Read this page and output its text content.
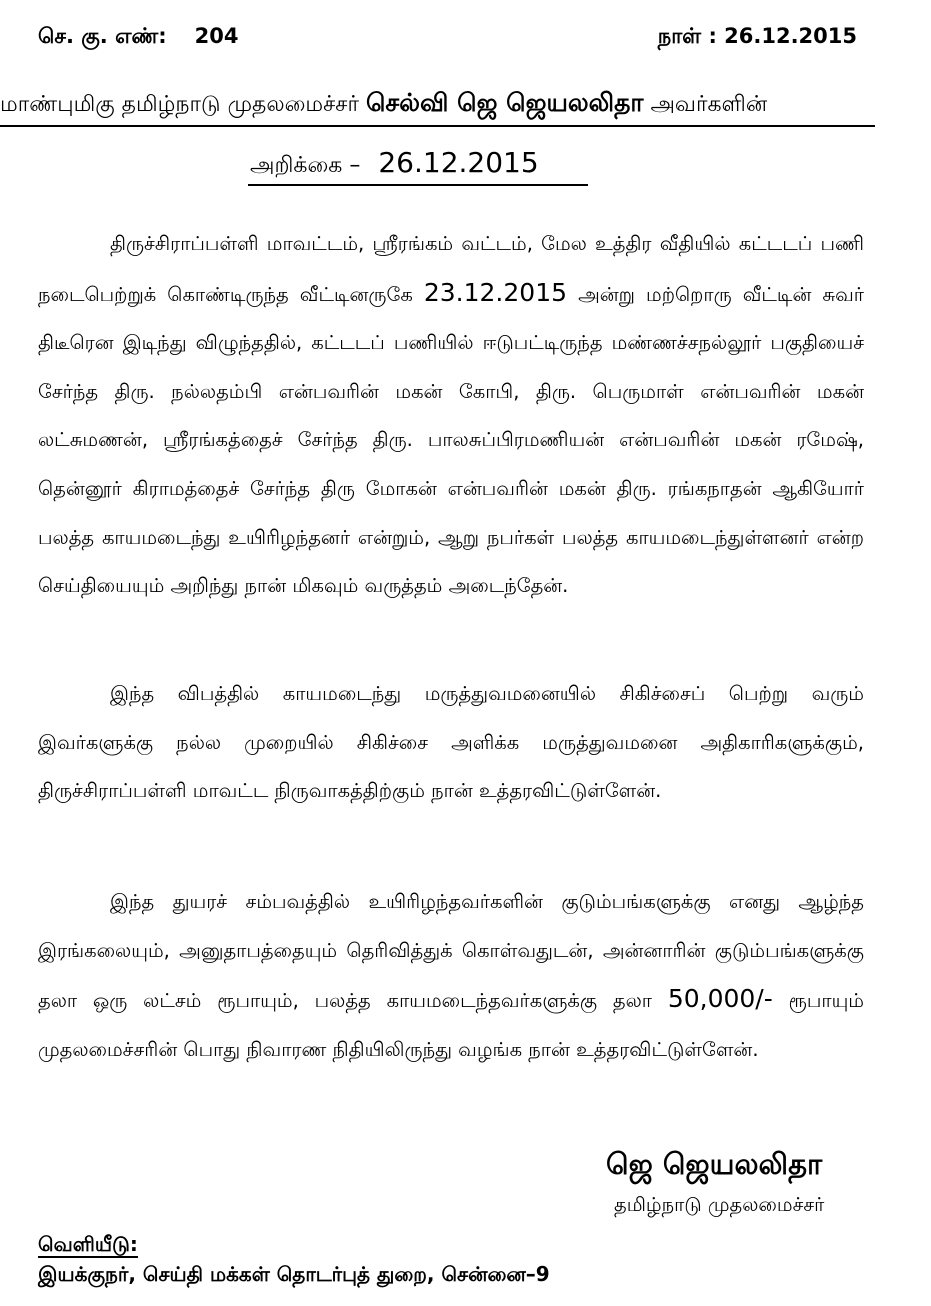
செ. கு. எண்: 204	நாள் : 26.12.2015
மாண்புமிகு தமிழ்நாடு முதலமைச்சர் செல்வி ஜெ ஜெயலலிதா அவர்களின்
அறிக்கை – 26.12.2015

திருச்சிராப்பள்ளி மாவட்டம், ஸ்ரீரங்கம் வட்டம், மேல உத்திர வீதியில் கட்டடப் பணி நடைபெற்றுக் கொண்டிருந்த வீட்டினருகே 23.12.2015 அன்று மற்றொரு வீட்டின் சுவர் திடீரென இடிந்து விழுந்ததில், கட்டடப் பணியில் ஈடுபட்டிருந்த மண்ணச்சநல்லூர் பகுதியைச் சேர்ந்த திரு. நல்லதம்பி என்பவரின் மகன் கோபி, திரு. பெருமாள் என்பவரின் மகன் லட்சுமணன், ஸ்ரீரங்கத்தைச் சேர்ந்த திரு. பாலசுப்பிரமணியன் என்பவரின் மகன் ரமேஷ், தென்னூர் கிராமத்தைச் சேர்ந்த திரு மோகன் என்பவரின் மகன் திரு. ரங்கநாதன் ஆகியோர் பலத்த காயமடைந்து உயிரிழந்தனர் என்றும், ஆறு நபர்கள் பலத்த காயமடைந்துள்ளனர் என்ற செய்தியையும் அறிந்து நான் மிகவும் வருத்தம் அடைந்தேன்.

இந்த விபத்தில் காயமடைந்து மருத்துவமனையில் சிகிச்சைப் பெற்று வரும் இவர்களுக்கு நல்ல முறையில் சிகிச்சை அளிக்க மருத்துவமனை அதிகாரிகளுக்கும், திருச்சிராப்பள்ளி மாவட்ட நிருவாகத்திற்கும் நான் உத்தரவிட்டுள்ளேன்.

இந்த துயரச் சம்பவத்தில் உயிரிழந்தவர்களின் குடும்பங்களுக்கு எனது ஆழ்ந்த இரங்கலையும், அனுதாபத்தையும் தெரிவித்துக் கொள்வதுடன், அன்னாரின் குடும்பங்களுக்கு தலா ஒரு லட்சம் ரூபாயும், பலத்த காயமடைந்தவர்களுக்கு தலா 50,000/- ரூபாயும் முதலமைச்சரின் பொது நிவாரண நிதியிலிருந்து வழங்க நான் உத்தரவிட்டுள்ளேன்.

ஜெ ஜெயலலிதா
தமிழ்நாடு முதலமைச்சர்
வெளியீடு:
இயக்குநர், செய்தி மக்கள் தொடர்புத் துறை, சென்னை–9
